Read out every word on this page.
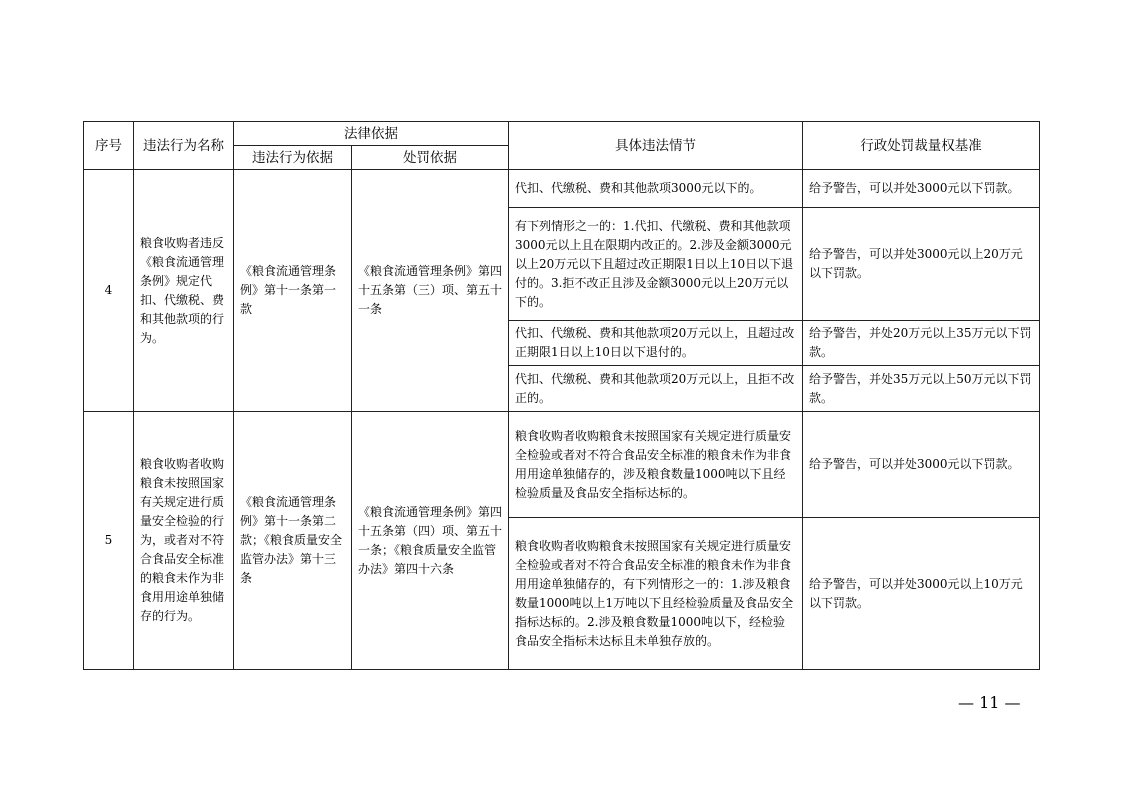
序号	违法行为名称	法律依据		具体违法情节	行政处罚裁量权基准
		违法行为依据	处罚依据		
4	粮食收购者违反《粮食流通管理条例》规定代扣、代缴税、费和其他款项的行为。	《粮食流通管理条例》第十一条第一款	《粮食流通管理条例》第四十五条第（三）项、第五十一条	代扣、代缴税、费和其他款项3000元以下的。	给予警告，可以并处3000元以下罚款。
				有下列情形之一的：1.代扣、代缴税、费和其他款项3000元以上且在限期内改正的。2.涉及金额3000元以上20万元以下且超过改正期限1日以上10日以下退付的。3.拒不改正且涉及金额3000元以上20万元以下的。	给予警告，可以并处3000元以上20万元以下罚款。
				代扣、代缴税、费和其他款项20万元以上，且超过改正期限1日以上10日以下退付的。	给予警告，并处20万元以上35万元以下罚款。
				代扣、代缴税、费和其他款项20万元以上，且拒不改正的。	给予警告，并处35万元以上50万元以下罚款。
5	粮食收购者收购粮食未按照国家有关规定进行质量安全检验的行为，或者对不符合食品安全标准的粮食未作为非食用用途单独储存的行为。	《粮食流通管理条例》第十一条第二款；《粮食质量安全监管办法》第十三条	《粮食流通管理条例》第四十五条第（四）项、第五十一条；《粮食质量安全监管办法》第四十六条	粮食收购者收购粮食未按照国家有关规定进行质量安全检验或者对不符合食品安全标准的粮食未作为非食用用途单独储存的，涉及粮食数量1000吨以下且经检验质量及食品安全指标达标的。	给予警告，可以并处3000元以下罚款。
				粮食收购者收购粮食未按照国家有关规定进行质量安全检验或者对不符合食品安全标准的粮食未作为非食用用途单独储存的，有下列情形之一的：1.涉及粮食数量1000吨以上1万吨以下且经检验质量及食品安全指标达标的。2.涉及粮食数量1000吨以下，经检验食品安全指标未达标且未单独存放的。	给予警告，可以并处3000元以上10万元以下罚款。
— 11 —
